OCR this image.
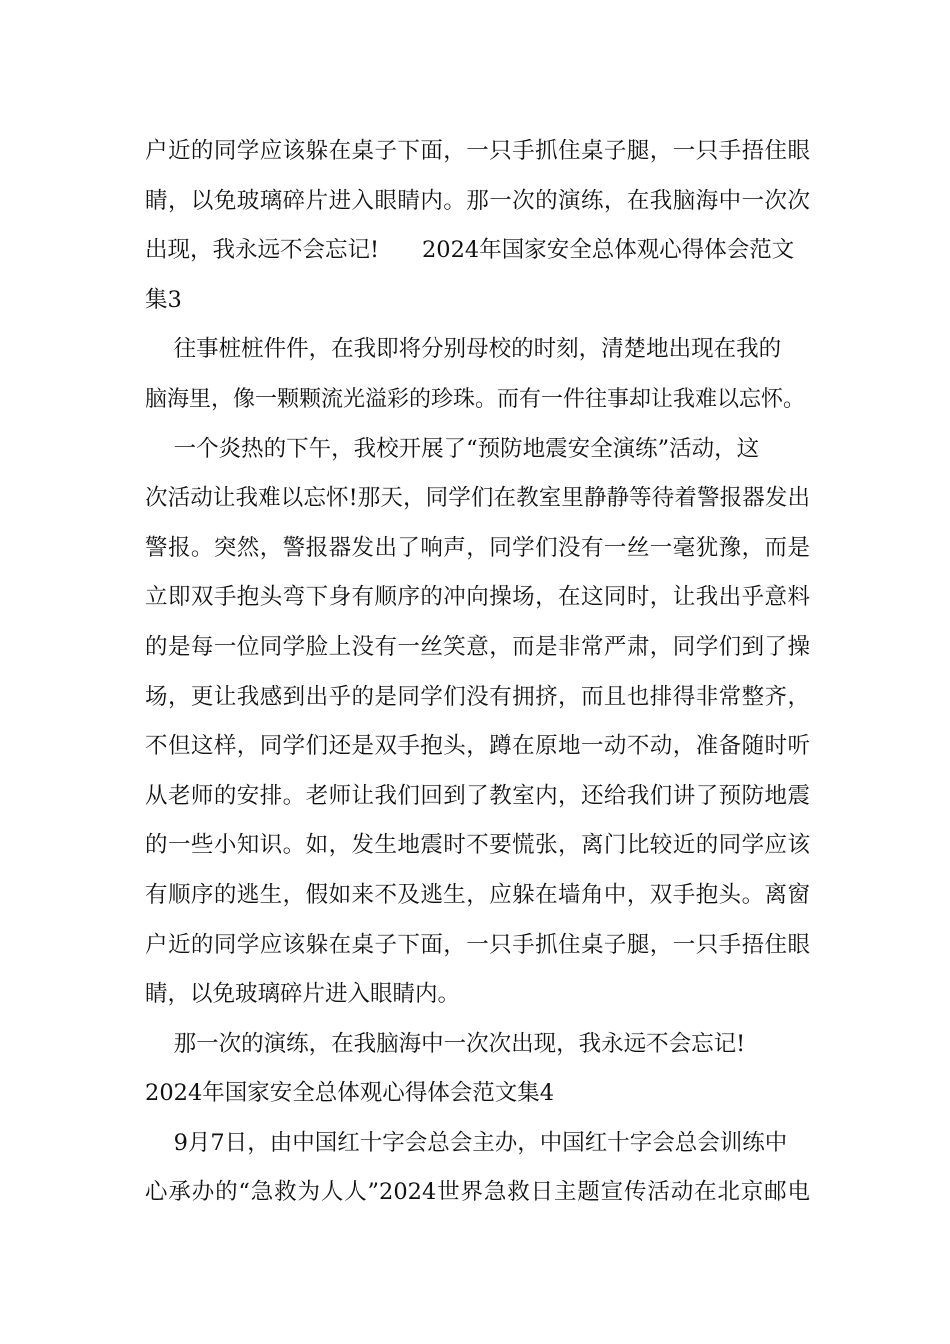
户近的同学应该躲在桌子下面，一只手抓住桌子腿，一只手捂住眼
睛，以免玻璃碎片进入眼睛内。那一次的演练，在我脑海中一次次
出现，我永远不会忘记!      2024年国家安全总体观心得体会范文
集3
往事桩桩件件，在我即将分别母校的时刻，清楚地出现在我的
脑海里，像一颗颗流光溢彩的珍珠。而有一件往事却让我难以忘怀。
一个炎热的下午，我校开展了“预防地震安全演练”活动，这
次活动让我难以忘怀!那天，同学们在教室里静静等待着警报器发出
警报。突然，警报器发出了响声，同学们没有一丝一毫犹豫，而是
立即双手抱头弯下身有顺序的冲向操场，在这同时，让我出乎意料
的是每一位同学脸上没有一丝笑意，而是非常严肃，同学们到了操
场，更让我感到出乎的是同学们没有拥挤，而且也排得非常整齐，
不但这样，同学们还是双手抱头，蹲在原地一动不动，准备随时听
从老师的安排。老师让我们回到了教室内，还给我们讲了预防地震
的一些小知识。如，发生地震时不要慌张，离门比较近的同学应该
有顺序的逃生，假如来不及逃生，应躲在墙角中，双手抱头。离窗
户近的同学应该躲在桌子下面，一只手抓住桌子腿，一只手捂住眼
睛，以免玻璃碎片进入眼睛内。
那一次的演练，在我脑海中一次次出现，我永远不会忘记!
2024年国家安全总体观心得体会范文集4
9月7日，由中国红十字会总会主办，中国红十字会总会训练中
心承办的“急救为人人”2024世界急救日主题宣传活动在北京邮电
